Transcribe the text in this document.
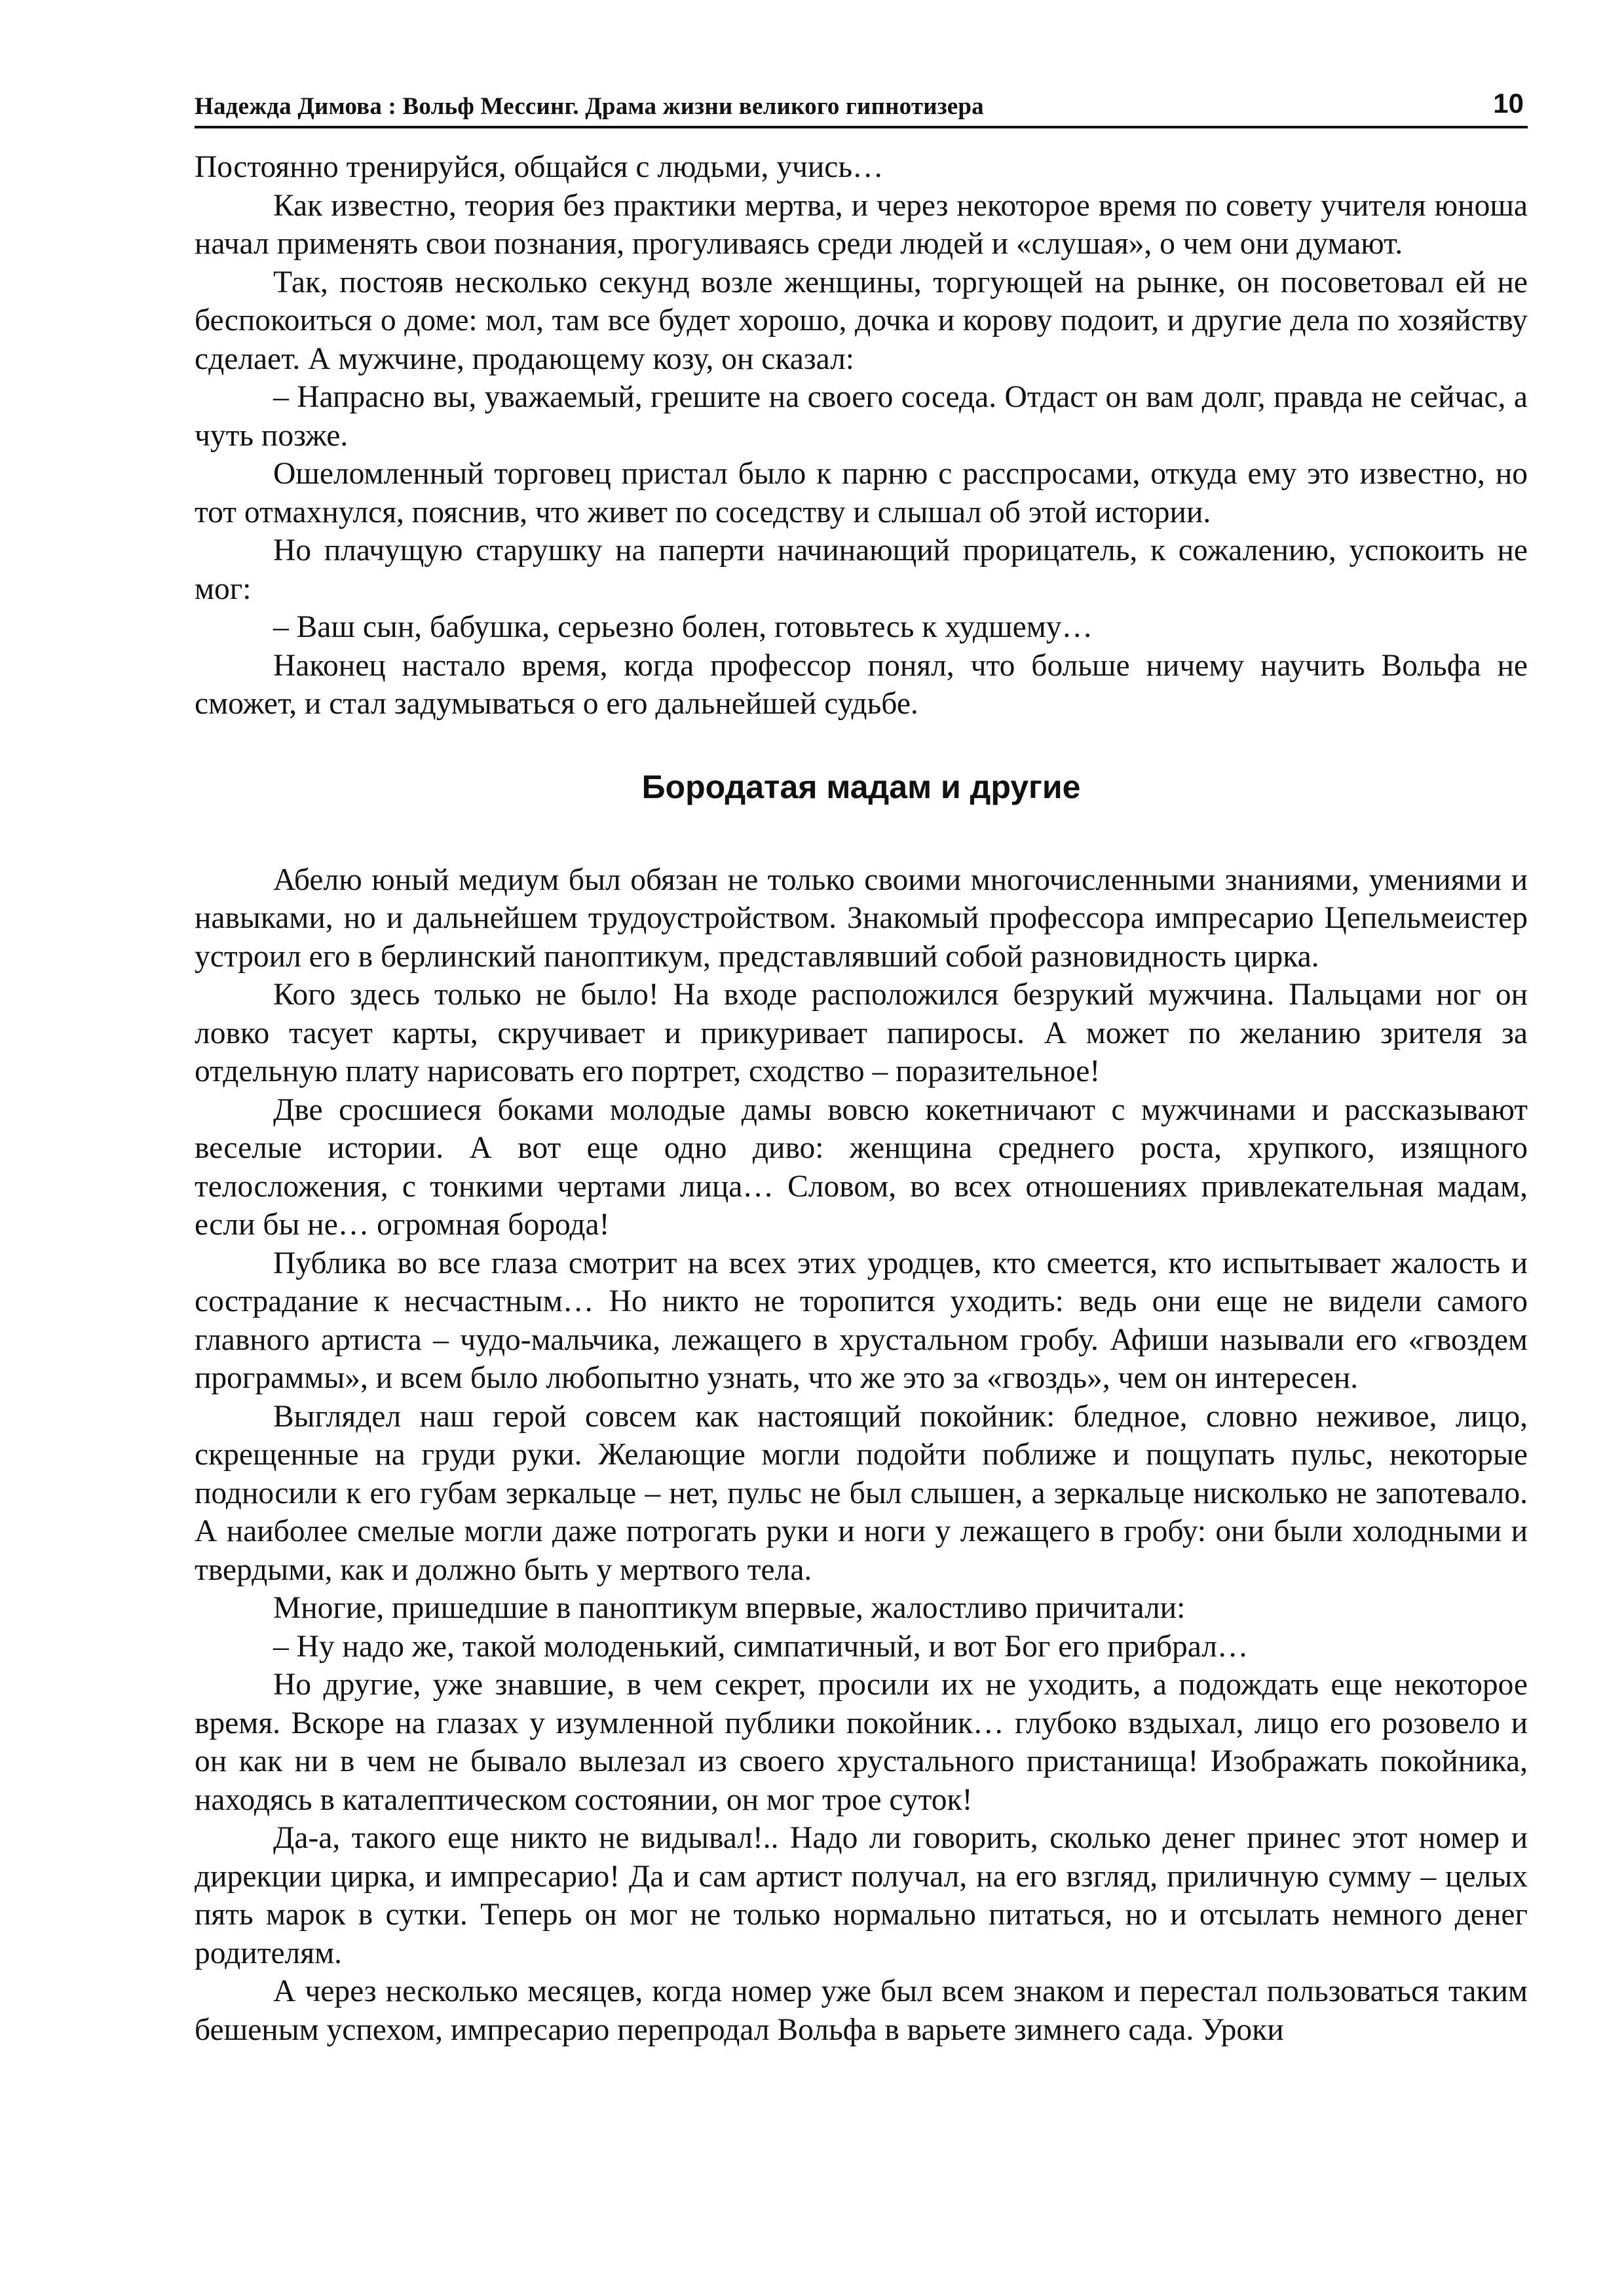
Надежда Димова : Вольф Мессинг. Драма жизни великого гипнотизера	10

Постоянно тренируйся, общайся с людьми, учись…

Как известно, теория без практики мертва, и через некоторое время по совету учителя юноша начал применять свои познания, прогуливаясь среди людей и «слушая», о чем они думают.

Так, постояв несколько секунд возле женщины, торгующей на рынке, он посоветовал ей не беспокоиться о доме: мол, там все будет хорошо, дочка и корову подоит, и другие дела по хозяйству сделает. А мужчине, продающему козу, он сказал:

– Напрасно вы, уважаемый, грешите на своего соседа. Отдаст он вам долг, правда не сейчас, а чуть позже.

Ошеломленный торговец пристал было к парню с расспросами, откуда ему это известно, но тот отмахнулся, пояснив, что живет по соседству и слышал об этой истории.

Но плачущую старушку на паперти начинающий прорицатель, к сожалению, успокоить не мог:

– Ваш сын, бабушка, серьезно болен, готовьтесь к худшему…

Наконец настало время, когда профессор понял, что больше ничему научить Вольфа не сможет, и стал задумываться о его дальнейшей судьбе.

Бородатая мадам и другие

Абелю юный медиум был обязан не только своими многочисленными знаниями, умениями и навыками, но и дальнейшем трудоустройством. Знакомый профессора импресарио Цепельмеистер устроил его в берлинский паноптикум, представлявший собой разновидность цирка.

Кого здесь только не было! На входе расположился безрукий мужчина. Пальцами ног он ловко тасует карты, скручивает и прикуривает папиросы. А может по желанию зрителя за отдельную плату нарисовать его портрет, сходство – поразительное!

Две сросшиеся боками молодые дамы вовсю кокетничают с мужчинами и рассказывают веселые истории. А вот еще одно диво: женщина среднего роста, хрупкого, изящного телосложения, с тонкими чертами лица… Словом, во всех отношениях привлекательная мадам, если бы не… огромная борода!

Публика во все глаза смотрит на всех этих уродцев, кто смеется, кто испытывает жалость и сострадание к несчастным… Но никто не торопится уходить: ведь они еще не видели самого главного артиста – чудо-мальчика, лежащего в хрустальном гробу. Афиши называли его «гвоздем программы», и всем было любопытно узнать, что же это за «гвоздь», чем он интересен.

Выглядел наш герой совсем как настоящий покойник: бледное, словно неживое, лицо, скрещенные на груди руки. Желающие могли подойти поближе и пощупать пульс, некоторые подносили к его губам зеркальце – нет, пульс не был слышен, а зеркальце нисколько не запотевало. А наиболее смелые могли даже потрогать руки и ноги у лежащего в гробу: они были холодными и твердыми, как и должно быть у мертвого тела.

Многие, пришедшие в паноптикум впервые, жалостливо причитали:

– Ну надо же, такой молоденький, симпатичный, и вот Бог его прибрал…

Но другие, уже знавшие, в чем секрет, просили их не уходить, а подождать еще некоторое время. Вскоре на глазах у изумленной публики покойник… глубоко вздыхал, лицо его розовело и он как ни в чем не бывало вылезал из своего хрустального пристанища! Изображать покойника, находясь в каталептическом состоянии, он мог трое суток!

Да-а, такого еще никто не видывал!.. Надо ли говорить, сколько денег принес этот номер и дирекции цирка, и импресарио! Да и сам артист получал, на его взгляд, приличную сумму – целых пять марок в сутки. Теперь он мог не только нормально питаться, но и отсылать немного денег родителям.

А через несколько месяцев, когда номер уже был всем знаком и перестал пользоваться таким бешеным успехом, импресарио перепродал Вольфа в варьете зимнего сада. Уроки
